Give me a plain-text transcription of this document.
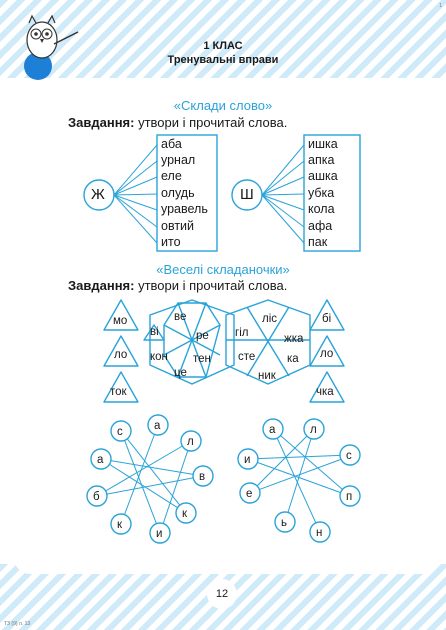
1 КЛАС
Тренувальні вправи
1
12
ТЗ (9) л. 13
«Склади слово»
Завдання: утвори і прочитай слова.
Ж	Ш
аба
урнал
еле
олудь
уравель
овтий
ито
ишка
апка
ашка
убка
кола
афа
пак
«Веселі складаночки»
Завдання: утвори і прочитай слова.
мо
ло
ток
бі
ло
чка
ве
ре
тен
це
кон
ві
ліс
жка
ка
ник
сте
гіл
с	а
л
в
к
и
к
б
а
а	л
с
п
н
ь
е
и
